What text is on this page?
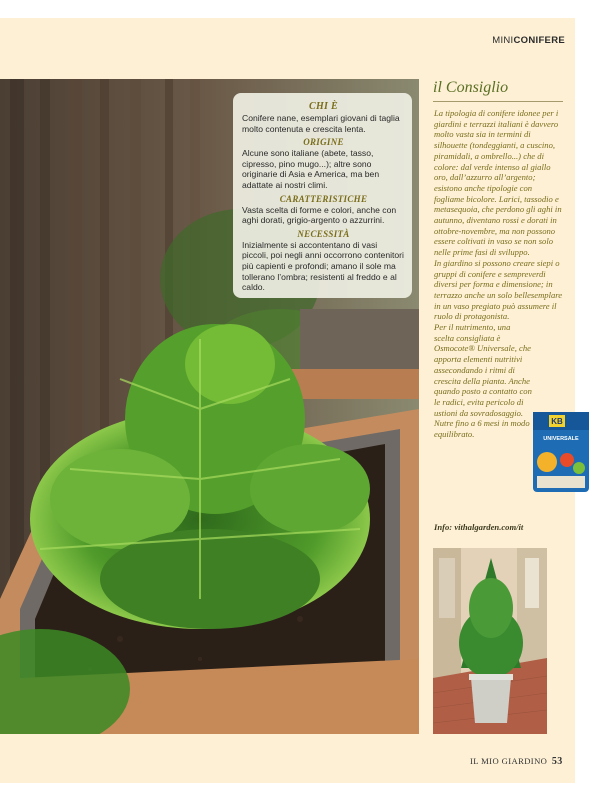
MINICONIFERE
CHI È

Conifere nane, esemplari giovani di taglia molto contenuta e crescita lenta.

ORIGINE

Alcune sono italiane (abete, tasso, cipresso, pino mugo...); altre sono originarie di Asia e America, ma ben adattate ai nostri climi.

CARATTERISTICHE

Vasta scelta di forme e colori, anche con aghi dorati, grigio-argento o azzurrini.

NECESSITÀ

Inizialmente si accontentano di vasi piccoli, poi negli anni occorrono contenitori più capienti e profondi; amano il sole ma tollerano l’ombra; resistenti al freddo e al caldo.

il Consiglio
La tipologia di conifere idonee per i giardini e terrazzi italiani è davvero molto vasta sia in termini di silhouette (tondeggianti, a cuscino, piramidali, a ombrello...) che di colore: dal verde intenso al giallo oro, dall’azzurro all’argento; esistono anche tipologie con fogliame bicolore. Larici, tassodio e metasequoia, che perdono gli aghi in autunno, diventano rossi e dorati in ottobre-novembre, ma non possono essere coltivati in vaso se non solo nelle prime fasi di sviluppo.
In giardino si possono creare siepi o gruppi di conifere e sempreverdi diversi per forma e dimensione; in terrazzo anche un solo bellesemplare in un vaso pregiato può assumere il ruolo di protagonista.
Per il nutrimento, una scelta consigliata è Osmocote® Universale, che apporta elementi nutritivi assecondando i ritmi di crescita della pianta. Anche quando posto a contatto con le radici, evita pericolo di ustioni da sovradosaggio. Nutre fino a 6 mesi in modo equilibrato.
Info: vithalgarden.com/it
KB
UNIVERSALE
IL MIO GIARDINO 53
